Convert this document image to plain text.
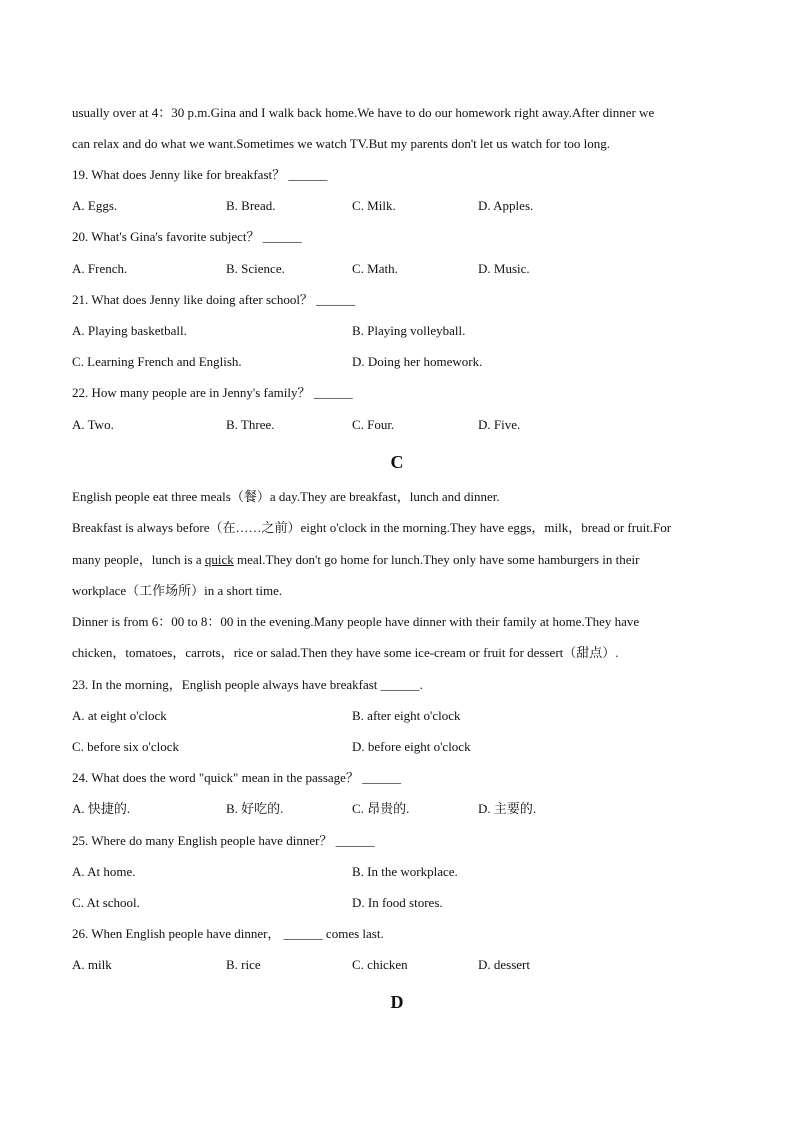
usually over at 4：30 p.m.Gina and I walk back home.We have to do our homework right away.After dinner we
can relax and do what we want.Sometimes we watch TV.But my parents don't let us watch for too long.
19. What does Jenny like for breakfast？ ______
A. Eggs.	B. Bread.	C. Milk.	D. Apples.
20. What's Gina's favorite subject？ ______
A. French.	B. Science.	C. Math.	D. Music.
21. What does Jenny like doing after school？ ______
A. Playing basketball.	B. Playing volleyball.
C. Learning French and English.	D. Doing her homework.
22. How many people are in Jenny's family？ ______
A. Two.	B. Three.	C. Four.	D. Five.
C
English people eat three meals（餐）a day.They are breakfast，lunch and dinner.
Breakfast is always before（在……之前）eight o'clock in the morning.They have eggs，milk，bread or fruit.For
many people，lunch is a quick meal.They don't go home for lunch.They only have some hamburgers in their
workplace（工作场所）in a short time.
Dinner is from 6：00 to 8：00 in the evening.Many people have dinner with their family at home.They have
chicken，tomatoes，carrots，rice or salad.Then they have some ice-cream or fruit for dessert（甜点）.
23. In the morning，English people always have breakfast ______.
A. at eight o'clock	B. after eight o'clock
C. before six o'clock	D. before eight o'clock
24. What does the word "quick" mean in the passage？ ______
A. 快捷的.	B. 好吃的.	C. 昂贵的.	D. 主要的.
25. Where do many English people have dinner？ ______
A. At home.	B. In the workplace.
C. At school.	D. In food stores.
26. When English people have dinner， ______ comes last.
A. milk	B. rice	C. chicken	D. dessert
D
